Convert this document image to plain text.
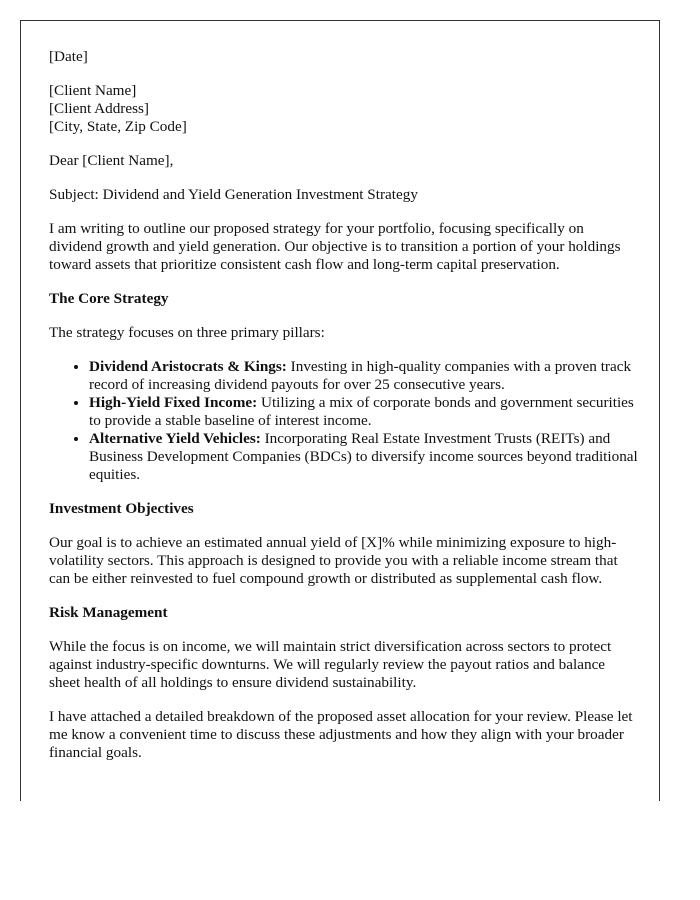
[Date]

[Client Name]
[Client Address]
[City, State, Zip Code]

Dear [Client Name],

Subject: Dividend and Yield Generation Investment Strategy

I am writing to outline our proposed strategy for your portfolio, focusing specifically on dividend growth and yield generation. Our objective is to transition a portion of your holdings toward assets that prioritize consistent cash flow and long-term capital preservation.

The Core Strategy

The strategy focuses on three primary pillars:

• Dividend Aristocrats & Kings: Investing in high-quality companies with a proven track record of increasing dividend payouts for over 25 consecutive years.
• High-Yield Fixed Income: Utilizing a mix of corporate bonds and government securities to provide a stable baseline of interest income.
• Alternative Yield Vehicles: Incorporating Real Estate Investment Trusts (REITs) and Business Development Companies (BDCs) to diversify income sources beyond traditional equities.
Investment Objectives

Our goal is to achieve an estimated annual yield of [X]% while minimizing exposure to high-volatility sectors. This approach is designed to provide you with a reliable income stream that can be either reinvested to fuel compound growth or distributed as supplemental cash flow.

Risk Management

While the focus is on income, we will maintain strict diversification across sectors to protect against industry-specific downturns. We will regularly review the payout ratios and balance sheet health of all holdings to ensure dividend sustainability.

I have attached a detailed breakdown of the proposed asset allocation for your review. Please let me know a convenient time to discuss these adjustments and how they align with your broader financial goals.
